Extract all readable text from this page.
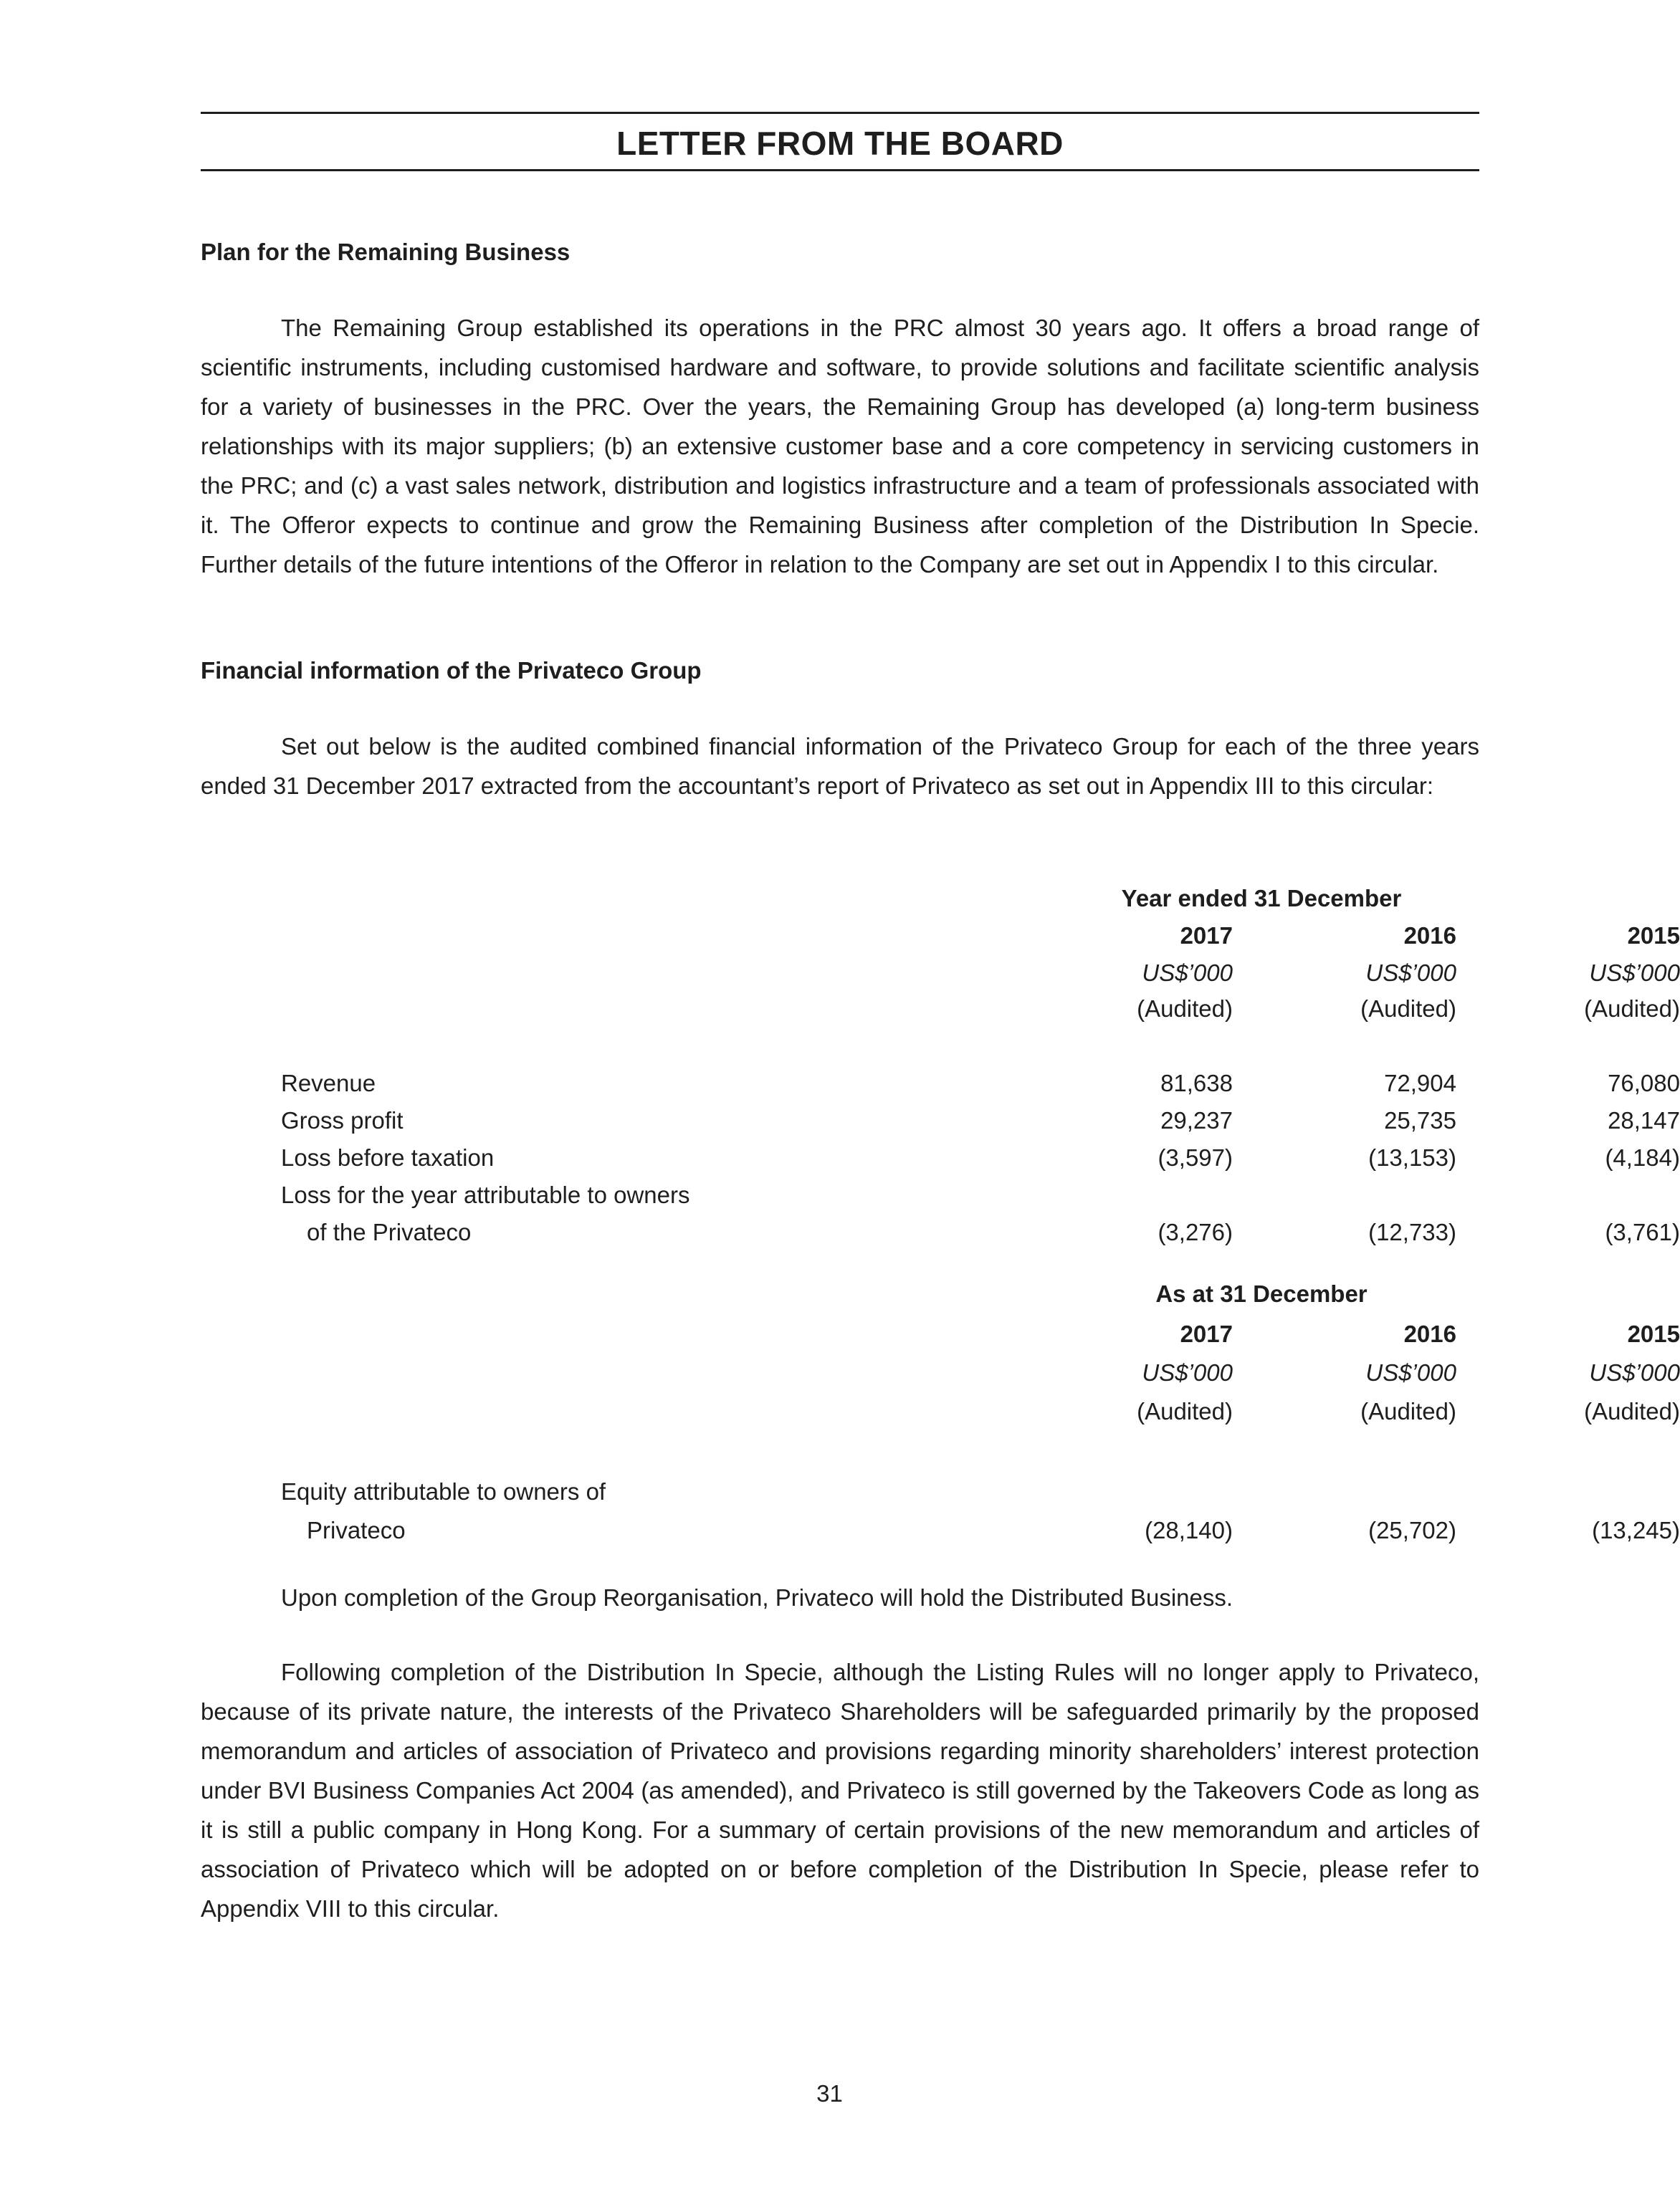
LETTER FROM THE BOARD
Plan for the Remaining Business

The Remaining Group established its operations in the PRC almost 30 years ago. It offers a broad range of scientific instruments, including customised hardware and software, to provide solutions and facilitate scientific analysis for a variety of businesses in the PRC. Over the years, the Remaining Group has developed (a) long-term business relationships with its major suppliers; (b) an extensive customer base and a core competency in servicing customers in the PRC; and (c) a vast sales network, distribution and logistics infrastructure and a team of professionals associated with it. The Offeror expects to continue and grow the Remaining Business after completion of the Distribution In Specie. Further details of the future intentions of the Offeror in relation to the Company are set out in Appendix I to this circular.

Financial information of the Privateco Group

Set out below is the audited combined financial information of the Privateco Group for each of the three years ended 31 December 2017 extracted from the accountant’s report of Privateco as set out in Appendix III to this circular:

Year ended 31 December
2017	2016	2015
US$’000	US$’000	US$’000
(Audited)	(Audited)	(Audited)
Revenue	81,638	72,904	76,080
Gross profit	29,237	25,735	28,147
Loss before taxation	(3,597)	(13,153)	(4,184)
Loss for the year attributable to owners
of the Privateco	(3,276)	(12,733)	(3,761)
As at 31 December
2017	2016	2015
US$’000	US$’000	US$’000
(Audited)	(Audited)	(Audited)
Equity attributable to owners of
Privateco	(28,140)	(25,702)	(13,245)

Upon completion of the Group Reorganisation, Privateco will hold the Distributed Business.

Following completion of the Distribution In Specie, although the Listing Rules will no longer apply to Privateco, because of its private nature, the interests of the Privateco Shareholders will be safeguarded primarily by the proposed memorandum and articles of association of Privateco and provisions regarding minority shareholders’ interest protection under BVI Business Companies Act 2004 (as amended), and Privateco is still governed by the Takeovers Code as long as it is still a public company in Hong Kong. For a summary of certain provisions of the new memorandum and articles of association of Privateco which will be adopted on or before completion of the Distribution In Specie, please refer to Appendix VIII to this circular.

31
